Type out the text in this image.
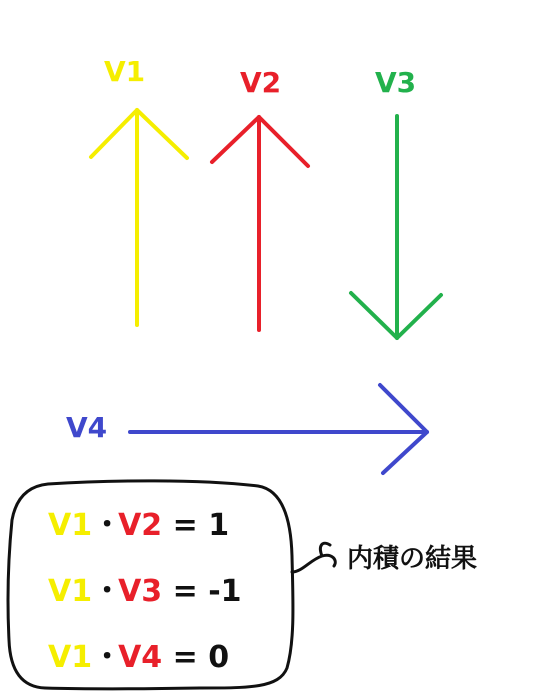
V1	V2	V3
V4
V1・V2 = 1
V1・V3 = -1
V1・V4 = 0
内積の結果
